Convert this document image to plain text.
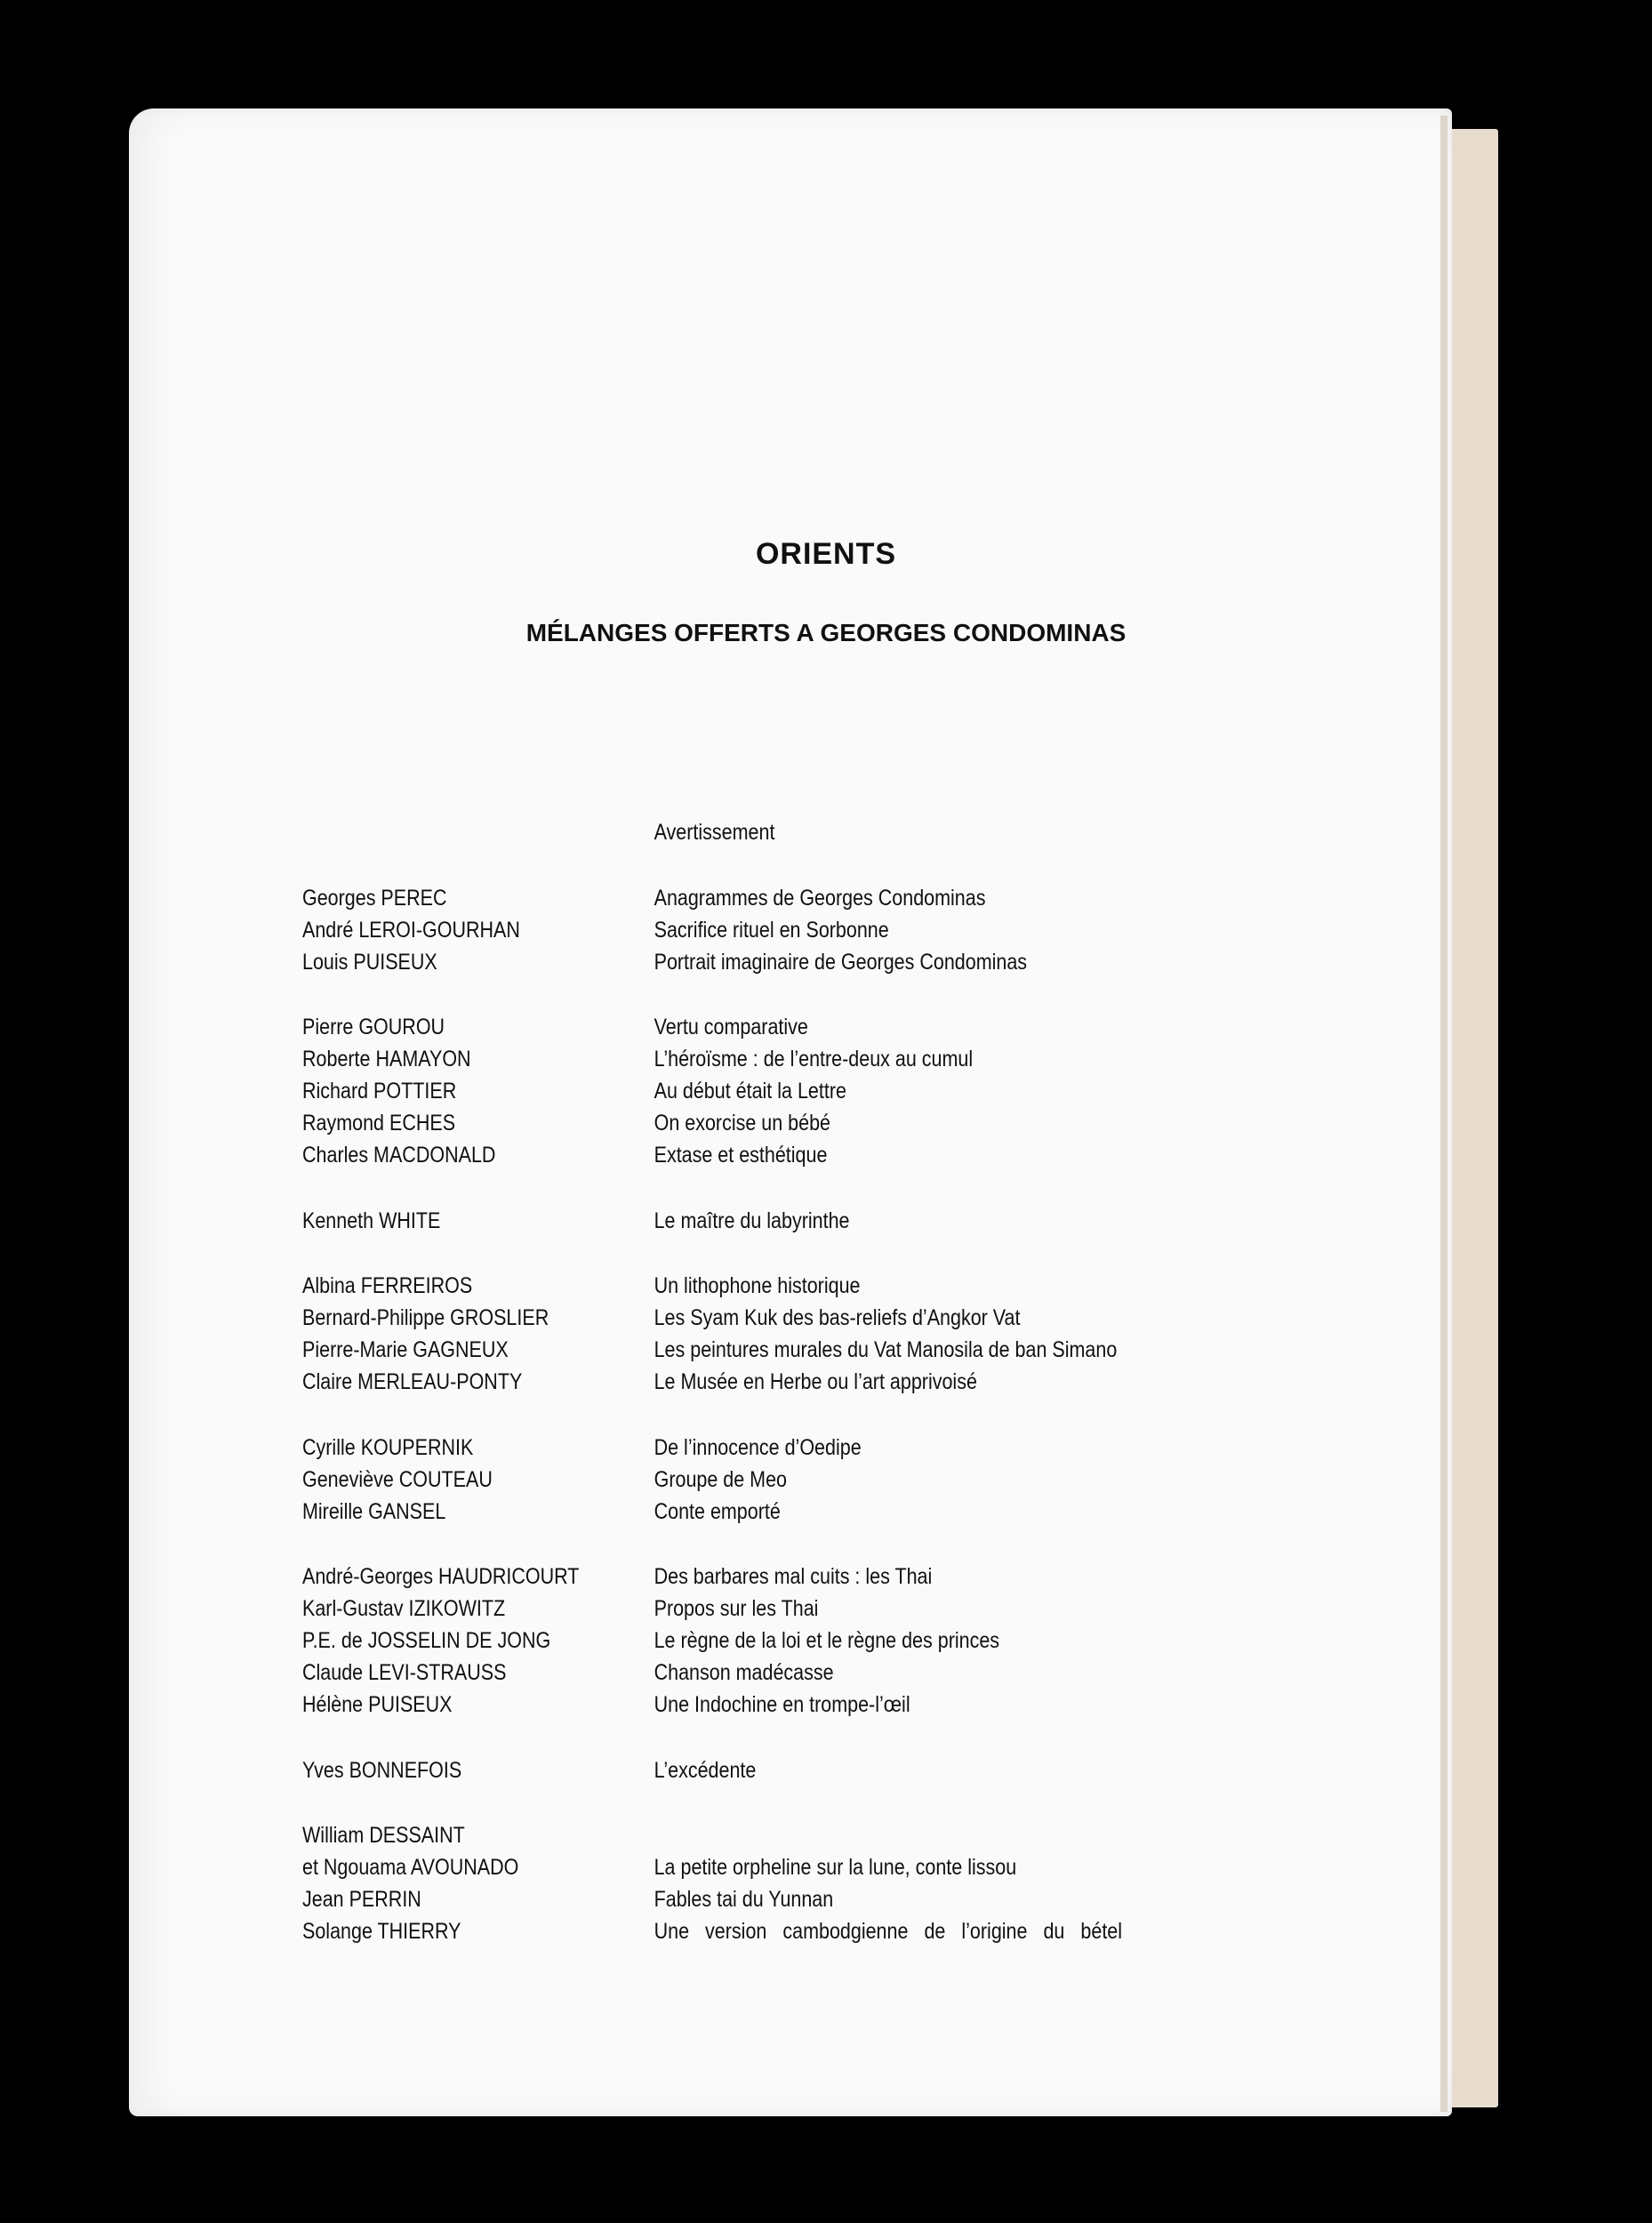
ORIENTS
MÉLANGES OFFERTS A GEORGES CONDOMINAS
Avertissement
Georges PEREC	Anagrammes de Georges Condominas
André LEROI-GOURHAN	Sacrifice rituel en Sorbonne
Louis PUISEUX	Portrait imaginaire de Georges Condominas
Pierre GOUROU	Vertu comparative
Roberte HAMAYON	L’héroïsme : de l’entre-deux au cumul
Richard POTTIER	Au début était la Lettre
Raymond ECHES	On exorcise un bébé
Charles MACDONALD	Extase et esthétique
Kenneth WHITE	Le maître du labyrinthe
Albina FERREIROS	Un lithophone historique
Bernard-Philippe GROSLIER	Les Syam Kuk des bas-reliefs d’Angkor Vat
Pierre-Marie GAGNEUX	Les peintures murales du Vat Manosila de ban Simano
Claire MERLEAU-PONTY	Le Musée en Herbe ou l’art apprivoisé
Cyrille KOUPERNIK	De l’innocence d’Oedipe
Geneviève COUTEAU	Groupe de Meo
Mireille GANSEL	Conte emporté
André-Georges HAUDRICOURT	Des barbares mal cuits : les Thai
Karl-Gustav IZIKOWITZ	Propos sur les Thai
P.E. de JOSSELIN DE JONG	Le règne de la loi et le règne des princes
Claude LEVI-STRAUSS	Chanson madécasse
Hélène PUISEUX	Une Indochine en trompe-l’œil
Yves BONNEFOIS	L’excédente
William DESSAINT
et Ngouama AVOUNADO	La petite orpheline sur la lune, conte lissou
Jean PERRIN	Fables tai du Yunnan
Solange THIERRY	Une version cambodgienne de l’origine du bétel
